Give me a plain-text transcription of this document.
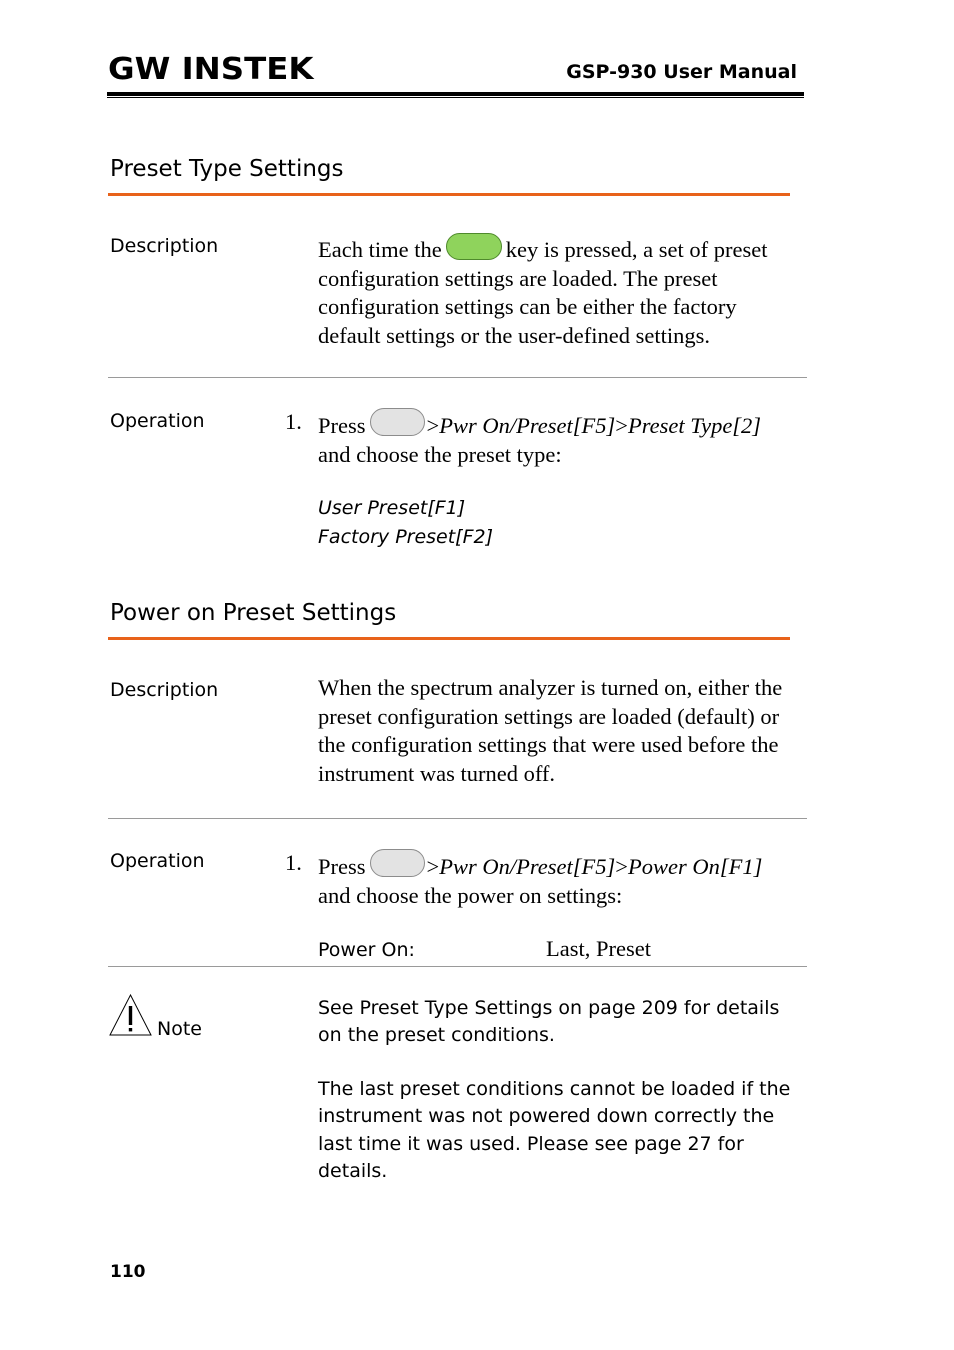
GW INSTEK	GSP-930 User Manual
Preset Type Settings
Description	Each time the	key is pressed, a set of preset configuration settings are loaded. The preset configuration settings can be either the factory default settings or the user-defined settings.
Operation	1. Press	>Pwr On/Preset[F5]>Preset Type[2]
and choose the preset type:
User Preset[F1]
Factory Preset[F2]
Power on Preset Settings
Description	When the spectrum analyzer is turned on, either the preset configuration settings are loaded (default) or the configuration settings that were used before the instrument was turned off.
Operation	1. Press	>Pwr On/Preset[F5]>Power On[F1]
and choose the power on settings:
Power On:	Last, Preset
Note
See Preset Type Settings on page 209 for details on the preset conditions.
The last preset conditions cannot be loaded if the instrument was not powered down correctly the last time it was used. Please see page 27 for details.
110
